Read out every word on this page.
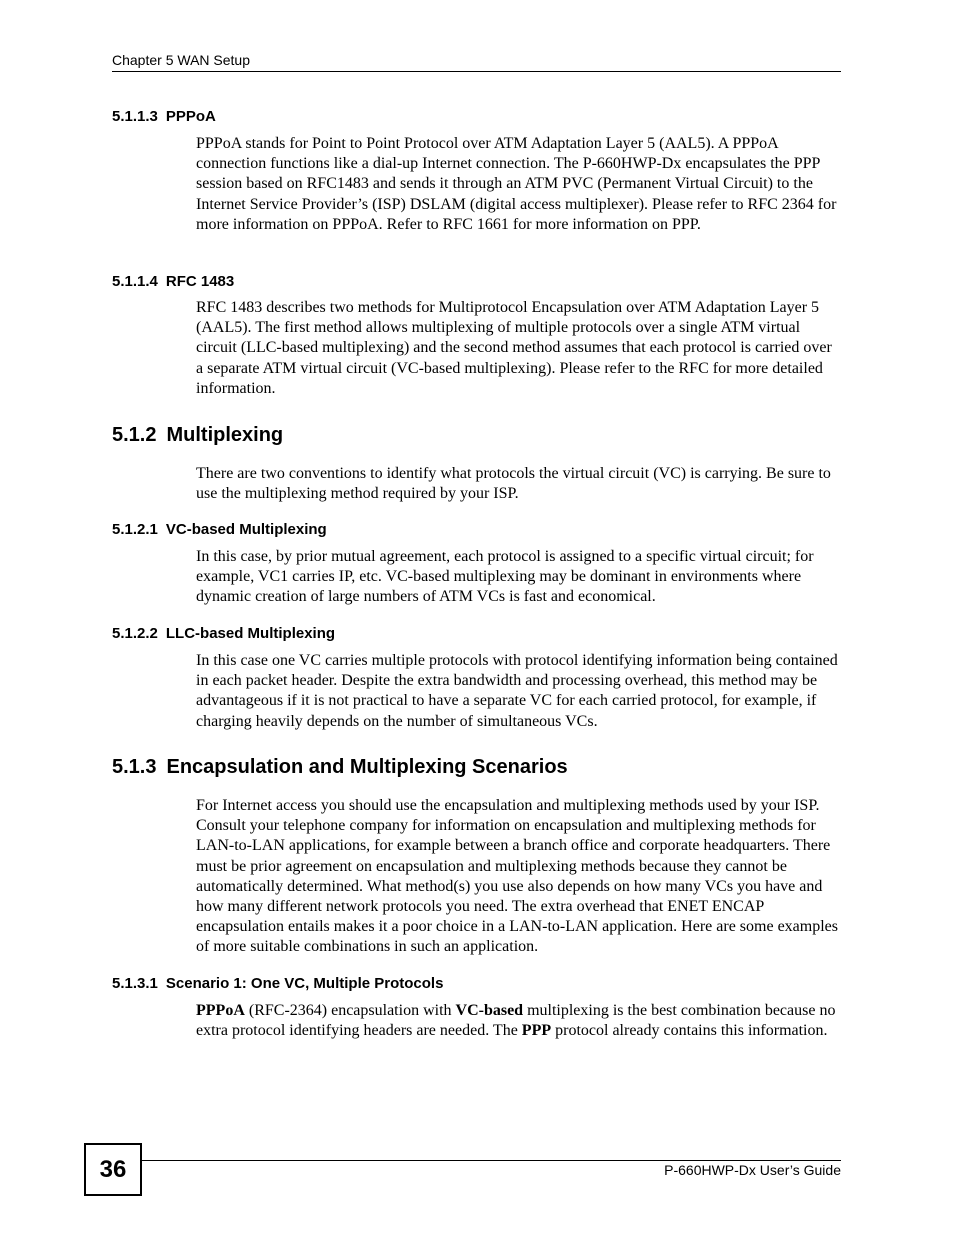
Chapter 5 WAN Setup
5.1.1.3 PPPoA

PPPoA stands for Point to Point Protocol over ATM Adaptation Layer 5 (AAL5). A PPPoA connection functions like a dial-up Internet connection. The P-660HWP-Dx encapsulates the PPP session based on RFC1483 and sends it through an ATM PVC (Permanent Virtual Circuit) to the Internet Service Provider’s (ISP) DSLAM (digital access multiplexer). Please refer to RFC 2364 for more information on PPPoA. Refer to RFC 1661 for more information on PPP.

5.1.1.4 RFC 1483

RFC 1483 describes two methods for Multiprotocol Encapsulation over ATM Adaptation Layer 5 (AAL5). The first method allows multiplexing of multiple protocols over a single ATM virtual circuit (LLC-based multiplexing) and the second method assumes that each protocol is carried over a separate ATM virtual circuit (VC-based multiplexing). Please refer to the RFC for more detailed information.

5.1.2 Multiplexing

There are two conventions to identify what protocols the virtual circuit (VC) is carrying. Be sure to use the multiplexing method required by your ISP.

5.1.2.1 VC-based Multiplexing

In this case, by prior mutual agreement, each protocol is assigned to a specific virtual circuit; for example, VC1 carries IP, etc. VC-based multiplexing may be dominant in environments where dynamic creation of large numbers of ATM VCs is fast and economical.

5.1.2.2 LLC-based Multiplexing

In this case one VC carries multiple protocols with protocol identifying information being contained in each packet header. Despite the extra bandwidth and processing overhead, this method may be advantageous if it is not practical to have a separate VC for each carried protocol, for example, if charging heavily depends on the number of simultaneous VCs.

5.1.3 Encapsulation and Multiplexing Scenarios

For Internet access you should use the encapsulation and multiplexing methods used by your ISP. Consult your telephone company for information on encapsulation and multiplexing methods for LAN-to-LAN applications, for example between a branch office and corporate headquarters. There must be prior agreement on encapsulation and multiplexing methods because they cannot be automatically determined. What method(s) you use also depends on how many VCs you have and how many different network protocols you need. The extra overhead that ENET ENCAP encapsulation entails makes it a poor choice in a LAN-to-LAN application. Here are some examples of more suitable combinations in such an application.

5.1.3.1 Scenario 1: One VC, Multiple Protocols

PPPoA (RFC-2364) encapsulation with VC-based multiplexing is the best combination because no extra protocol identifying headers are needed. The PPP protocol already contains this information.

36	P-660HWP-Dx User’s Guide
